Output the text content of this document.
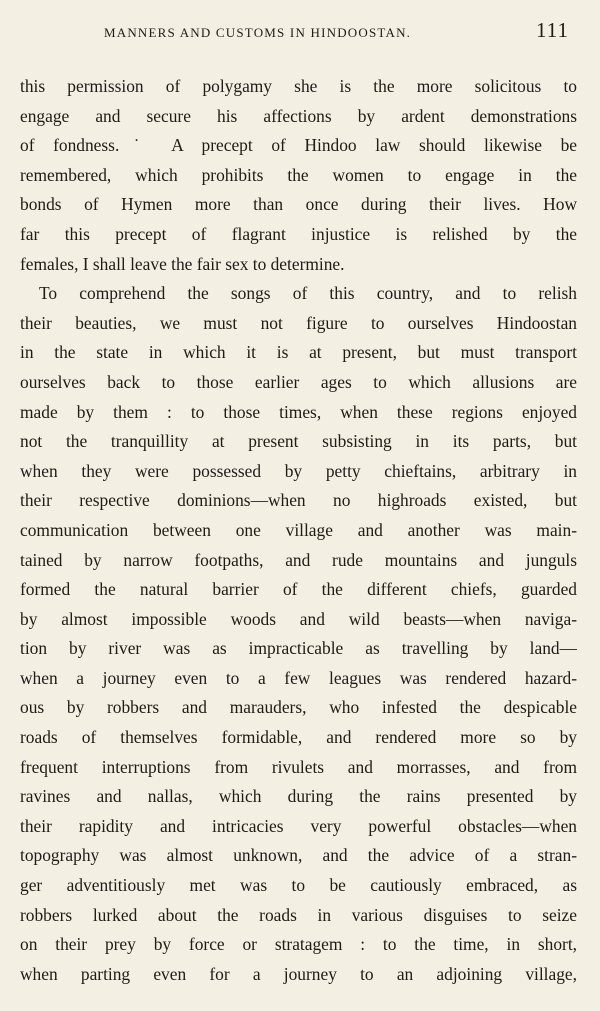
MANNERS AND CUSTOMS IN HINDOOSTAN.	111
this permission of polygamy she is the more solicitous to
engage and secure his affections by ardent demonstrations
of fondness.˙ A precept of Hindoo law should likewise be
remembered, which prohibits the women to engage in the
bonds of Hymen more than once during their lives. How
far this precept of flagrant injustice is relished by the
females, I shall leave the fair sex to determine.
To comprehend the songs of this country, and to relish
their beauties, we must not figure to ourselves Hindoostan
in the state in which it is at present, but must transport
ourselves back to those earlier ages to which allusions are
made by them : to those times, when these regions enjoyed
not the tranquillity at present subsisting in its parts, but
when they were possessed by petty chieftains, arbitrary in
their respective dominions—when no highroads existed, but
communication between one village and another was main-
tained by narrow footpaths, and rude mountains and junguls
formed the natural barrier of the different chiefs, guarded
by almost impossible woods and wild beasts—when naviga-
tion by river was as impracticable as travelling by land—
when a journey even to a few leagues was rendered hazard-
ous by robbers and marauders, who infested the despicable
roads of themselves formidable, and rendered more so by
frequent interruptions from rivulets and morrasses, and from
ravines and nallas, which during the rains presented by
their rapidity and intricacies very powerful obstacles—when
topography was almost unknown, and the advice of a stran-
ger adventitiously met was to be cautiously embraced, as
robbers lurked about the roads in various disguises to seize
on their prey by force or stratagem : to the time, in short,
when parting even for a journey to an adjoining village,
